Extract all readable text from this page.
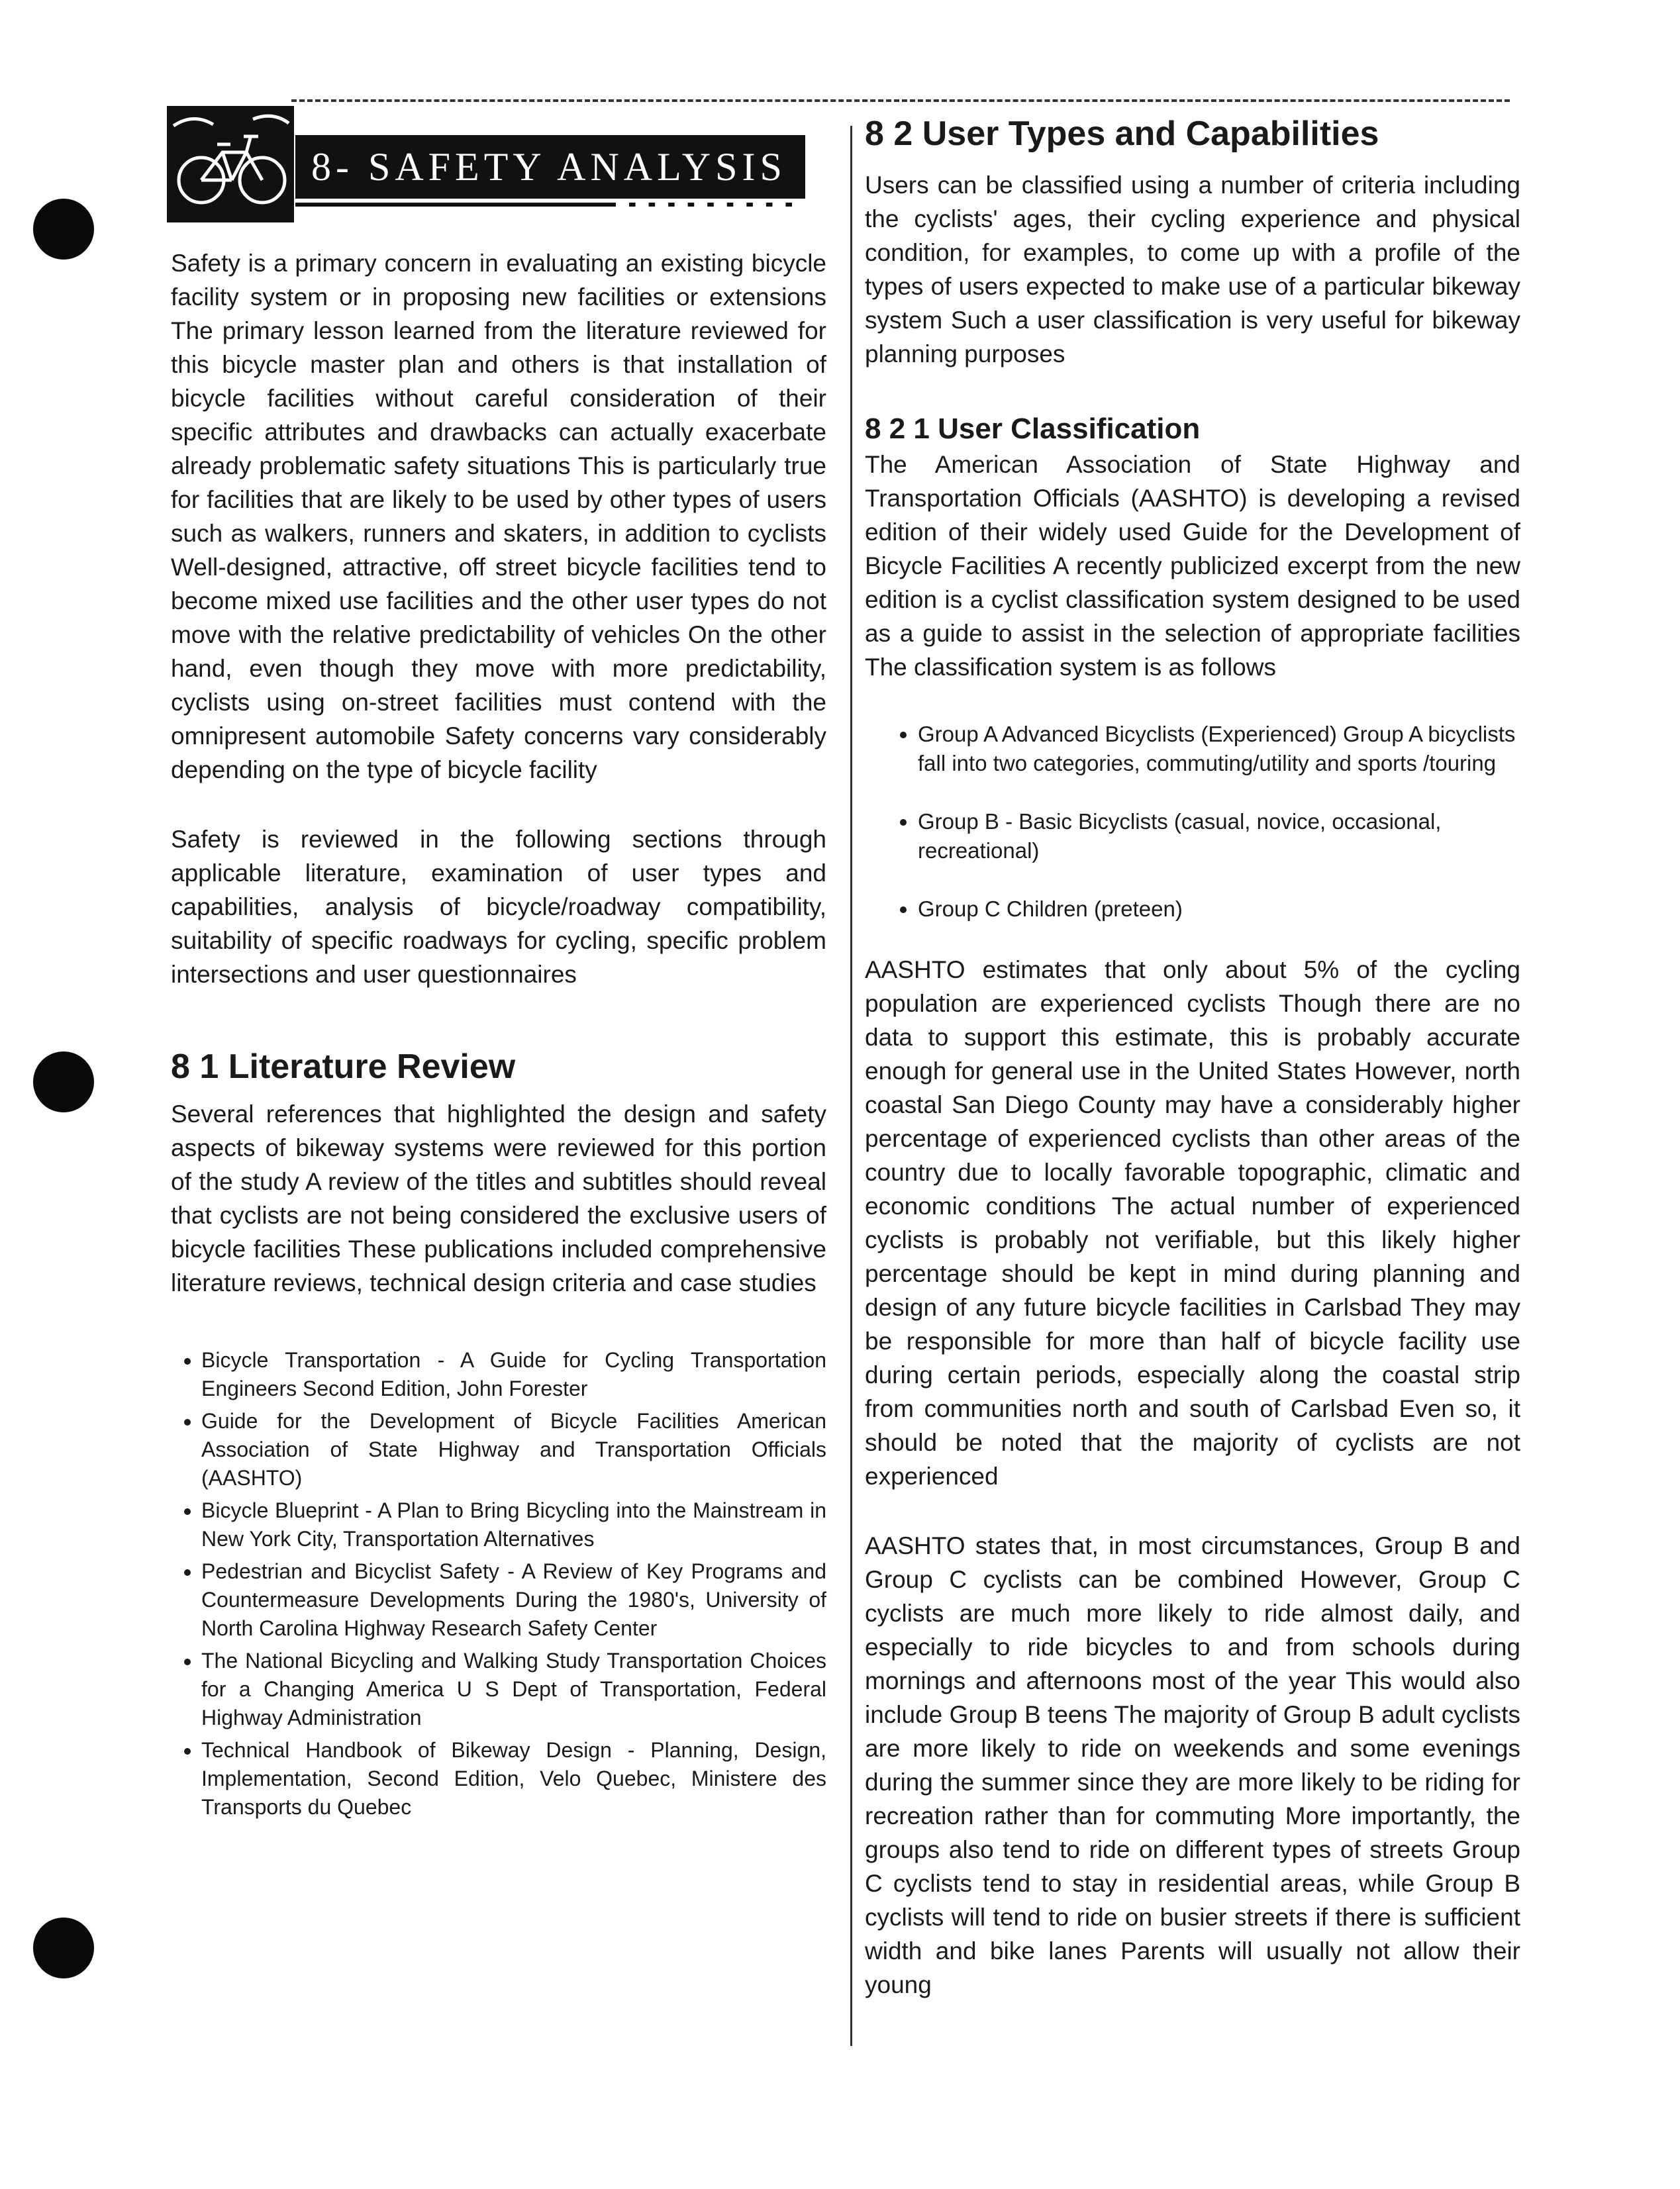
8- SAFETY ANALYSIS

Safety is a primary concern in evaluating an existing bicycle facility system or in proposing new facilities or extensions The primary lesson learned from the literature reviewed for this bicycle master plan and others is that installation of bicycle facilities without careful consideration of their specific attributes and drawbacks can actually exacerbate already problematic safety situations This is particularly true for facilities that are likely to be used by other types of users such as walkers, runners and skaters, in addition to cyclists Well-designed, attractive, off street bicycle facilities tend to become mixed use facilities and the other user types do not move with the relative predictability of vehicles On the other hand, even though they move with more predictability, cyclists using on-street facilities must contend with the omnipresent automobile Safety concerns vary considerably depending on the type of bicycle facility

Safety is reviewed in the following sections through applicable literature, examination of user types and capabilities, analysis of bicycle/roadway compatibility, suitability of specific roadways for cycling, specific problem intersections and user questionnaires

8 1 Literature Review

Several references that highlighted the design and safety aspects of bikeway systems were reviewed for this portion of the study A review of the titles and subtitles should reveal that cyclists are not being considered the exclusive users of bicycle facilities These publications included comprehensive literature reviews, technical design criteria and case studies

• Bicycle Transportation - A Guide for Cycling Transportation Engineers Second Edition, John Forester
• Guide for the Development of Bicycle Facilities American Association of State Highway and Transportation Officials (AASHTO)
• Bicycle Blueprint - A Plan to Bring Bicycling into the Mainstream in New York City, Transportation Alternatives
• Pedestrian and Bicyclist Safety - A Review of Key Programs and Countermeasure Developments During the 1980's, University of North Carolina Highway Research Safety Center
• The National Bicycling and Walking Study Transportation Choices for a Changing America U S Dept of Transportation, Federal Highway Administration
• Technical Handbook of Bikeway Design - Planning, Design, Implementation, Second Edition, Velo Quebec, Ministere des Transports du Quebec
8 2 User Types and Capabilities

Users can be classified using a number of criteria including the cyclists' ages, their cycling experience and physical condition, for examples, to come up with a profile of the types of users expected to make use of a particular bikeway system Such a user classification is very useful for bikeway planning purposes

8 2 1 User Classification

The American Association of State Highway and Transportation Officials (AASHTO) is developing a revised edition of their widely used Guide for the Development of Bicycle Facilities A recently publicized excerpt from the new edition is a cyclist classification system designed to be used as a guide to assist in the selection of appropriate facilities The classification system is as follows

• Group A Advanced Bicyclists (Experienced) Group A bicyclists fall into two categories, commuting/utility and sports /touring
• Group B - Basic Bicyclists (casual, novice, occasional, recreational)
• Group C Children (preteen)

AASHTO estimates that only about 5% of the cycling population are experienced cyclists Though there are no data to support this estimate, this is probably accurate enough for general use in the United States However, north coastal San Diego County may have a considerably higher percentage of experienced cyclists than other areas of the country due to locally favorable topographic, climatic and economic conditions The actual number of experienced cyclists is probably not verifiable, but this likely higher percentage should be kept in mind during planning and design of any future bicycle facilities in Carlsbad They may be responsible for more than half of bicycle facility use during certain periods, especially along the coastal strip from communities north and south of Carlsbad Even so, it should be noted that the majority of cyclists are not experienced

AASHTO states that, in most circumstances, Group B and Group C cyclists can be combined However, Group C cyclists are much more likely to ride almost daily, and especially to ride bicycles to and from schools during mornings and afternoons most of the year This would also include Group B teens The majority of Group B adult cyclists are more likely to ride on weekends and some evenings during the summer since they are more likely to be riding for recreation rather than for commuting More importantly, the groups also tend to ride on different types of streets Group C cyclists tend to stay in residential areas, while Group B cyclists will tend to ride on busier streets if there is sufficient width and bike lanes Parents will usually not allow their young
